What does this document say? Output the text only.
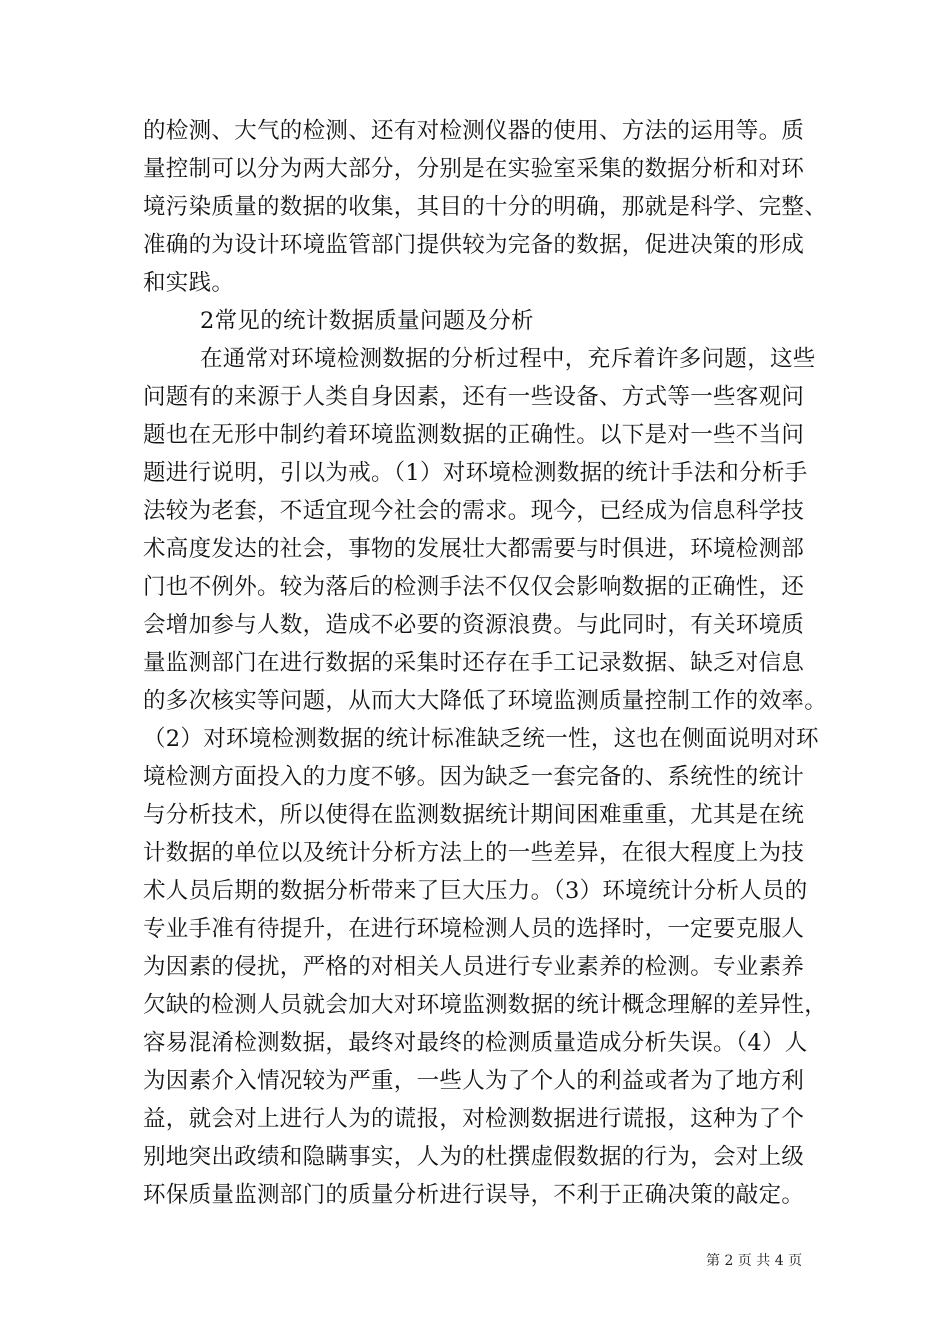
的检测、大气的检测、还有对检测仪器的使用、方法的运用等。质
量控制可以分为两大部分，分别是在实验室采集的数据分析和对环
境污染质量的数据的收集，其目的十分的明确，那就是科学、完整、
准确的为设计环境监管部门提供较为完备的数据，促进决策的形成
和实践。
2常见的统计数据质量问题及分析
在通常对环境检测数据的分析过程中，充斥着许多问题，这些
问题有的来源于人类自身因素，还有一些设备、方式等一些客观问
题也在无形中制约着环境监测数据的正确性。以下是对一些不当问
题进行说明，引以为戒。（1）对环境检测数据的统计手法和分析手
法较为老套，不适宜现今社会的需求。现今，已经成为信息科学技
术高度发达的社会，事物的发展壮大都需要与时俱进，环境检测部
门也不例外。较为落后的检测手法不仅仅会影响数据的正确性，还
会增加参与人数，造成不必要的资源浪费。与此同时，有关环境质
量监测部门在进行数据的采集时还存在手工记录数据、缺乏对信息
的多次核实等问题，从而大大降低了环境监测质量控制工作的效率。
（2）对环境检测数据的统计标准缺乏统一性，这也在侧面说明对环
境检测方面投入的力度不够。因为缺乏一套完备的、系统性的统计
与分析技术，所以使得在监测数据统计期间困难重重，尤其是在统
计数据的单位以及统计分析方法上的一些差异，在很大程度上为技
术人员后期的数据分析带来了巨大压力。（3）环境统计分析人员的
专业手准有待提升，在进行环境检测人员的选择时，一定要克服人
为因素的侵扰，严格的对相关人员进行专业素养的检测。专业素养
欠缺的检测人员就会加大对环境监测数据的统计概念理解的差异性，
容易混淆检测数据，最终对最终的检测质量造成分析失误。（4）人
为因素介入情况较为严重，一些人为了个人的利益或者为了地方利
益，就会对上进行人为的谎报，对检测数据进行谎报，这种为了个
别地突出政绩和隐瞒事实，人为的杜撰虚假数据的行为，会对上级
环保质量监测部门的质量分析进行误导，不利于正确决策的敲定。
第 2 页 共 4 页
